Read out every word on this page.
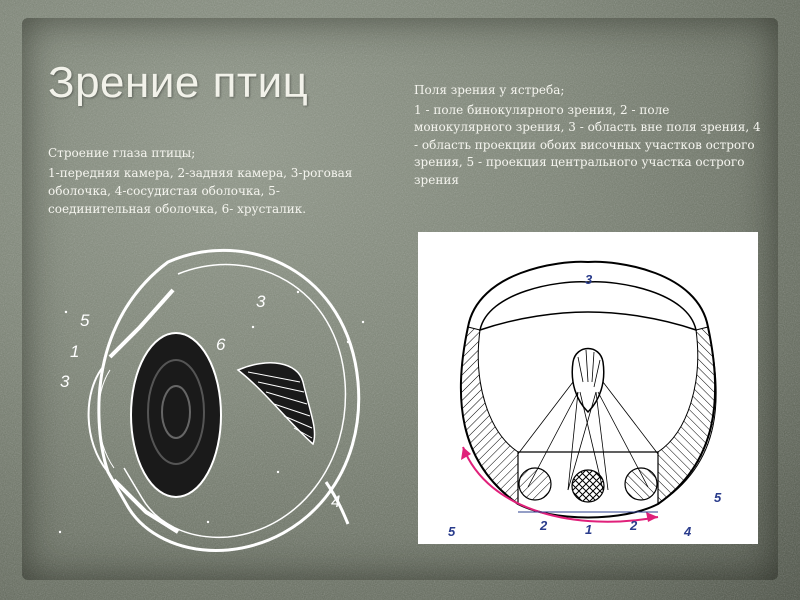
Зрение птиц
Строение глаза птицы;
1-передняя камера, 2-задняя камера, 3-роговая оболочка, 4-сосудистая оболочка, 5- соединительная оболочка, 6- хрусталик.
Поля зрения у ястреба;
1 - поле бинокулярного зрения, 2 - поле монокулярного зрения, 3 - область вне поля зрения, 4 - область проекции обоих височных участков острого зрения, 5 - проекция центрального участка острого зрения
5
1
3
6
3
4
3
2	1	2	4
5
5
